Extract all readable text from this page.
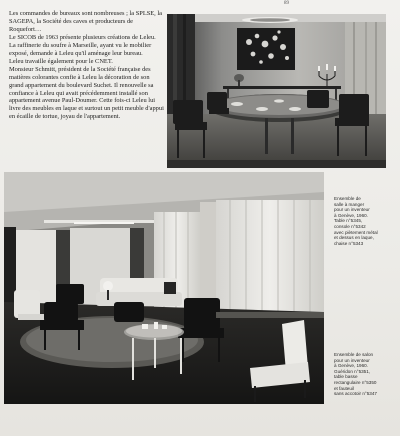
89

Les commandes de bureaux sont nombreuses ; la SPLSE, la SAGEPA, la Société des caves et producteurs de Roquefort…

Le SICOB de 1963 présente plusieurs créations de Leleu. La raffinerie du soufre à Marseille, ayant vu le mobilier exposé, demande à Leleu qu'il aménage leur bureau.

Leleu travaille également pour le CNET.

Monsieur Schmitt, président de la Société française des matières colorantes confie à Leleu la décoration de son grand appartement du boulevard Suchet. Il renouvelle sa confiance à Leleu qui avait précédemment installé son appartement avenue Paul-Doumer. Cette fois-ci Leleu lui livre des meubles en laque et surtout un petit meuble d'appui en écaille de tortue, joyau de l'appartement.

Ensemble de
salle à manger
pour un inventeur
à Genève, 1960.
Table n°5345,
console n°5342
avec piètement métal
et dessus en laque,
chaise n°5343
Ensemble de salon
pour un inventeur
à Genève, 1960.
Guéridon n°5351,
table basse
rectangulaire n°5350
et fauteuil
sans accotoir n°5347
